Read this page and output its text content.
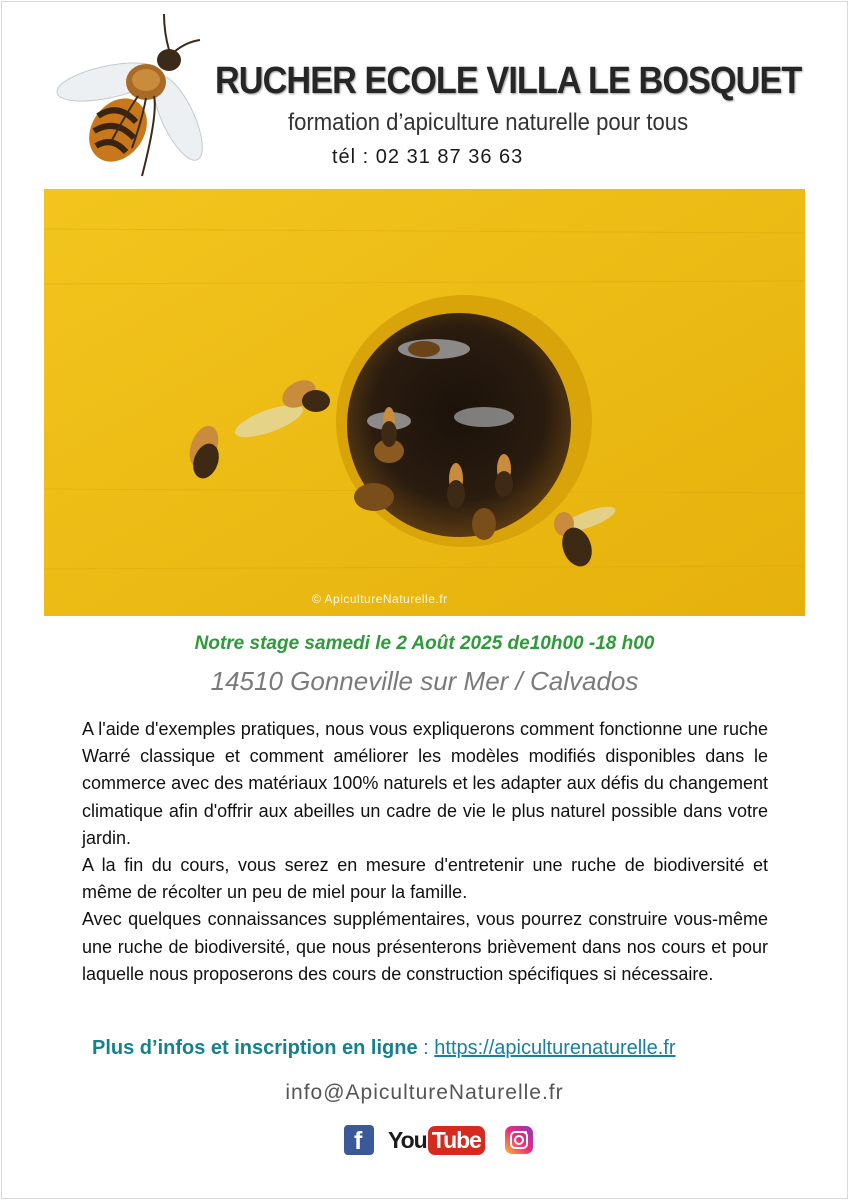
RUCHER ECOLE VILLA LE BOSQUET
formation d’apiculture naturelle pour tous
tél : 02 31 87 36 63
© ApicultureNaturelle.fr
Notre stage samedi le 2 Août 2025 de10h00 -18 h00
14510 Gonneville sur Mer / Calvados

A l'aide d'exemples pratiques, nous vous expliquerons comment fonctionne une ruche Warré classique et comment améliorer les modèles modifiés disponibles dans le commerce avec des matériaux 100% naturels et les adapter aux défis du changement climatique afin d'offrir aux abeilles un cadre de vie le plus naturel possible dans votre jardin.

A la fin du cours, vous serez en mesure d'entretenir une ruche de biodiversité et même de récolter un peu de miel pour la famille.

Avec quelques connaissances supplémentaires, vous pourrez construire vous-même une ruche de biodiversité, que nous présenterons brièvement dans nos cours et pour laquelle nous proposerons des cours de construction spécifiques si nécessaire.

Plus d’infos et inscription en ligne : https://apiculturenaturelle.fr
info@ApicultureNaturelle.fr
f You Tube
